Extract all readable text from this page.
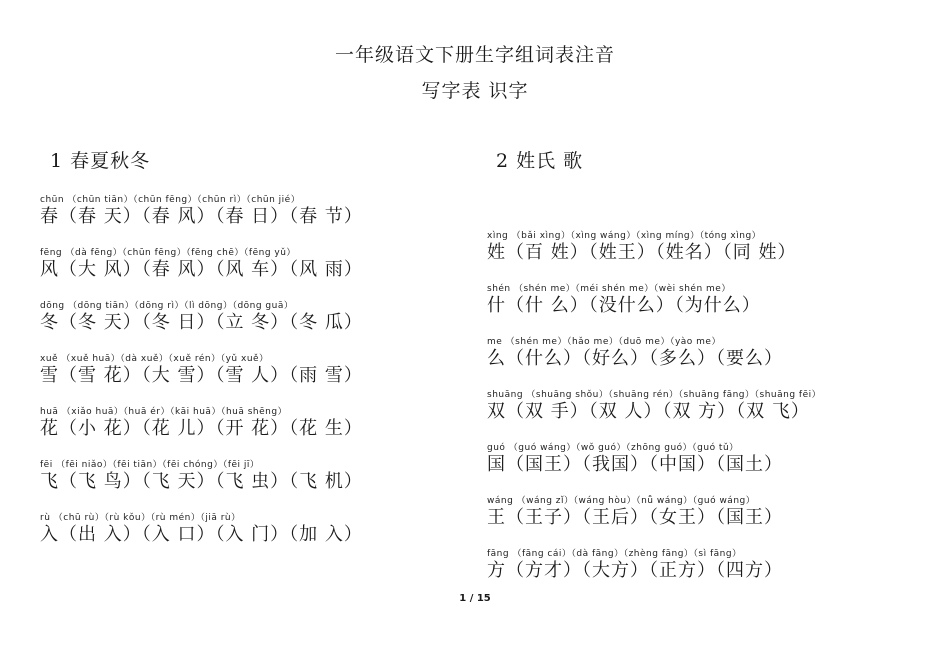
一年级语文下册生字组词表注音
写字表 识字
1 春夏秋冬
chūn （chūn tiān）（chūn fēng）（chūn rì）（chūn jié）
春（春 天）（春 风）（春 日）（春 节）
fēng （dà fēng）（chūn fēng）（fēng chē）（fēng yǔ）
风（大 风）（春 风）（风 车）（风 雨）
dōng （dōng tiān）（dōng rì）（lì dōng）（dōng guā）
冬（冬 天）（冬 日）（立 冬）（冬 瓜）
xuě （xuě huā）（dà xuě）（xuě rén）（yǔ xuě）
雪（雪 花）（大 雪）（雪 人）（雨 雪）
huā （xiǎo huā）（huā ér）（kāi huā）（huā shēng）
花（小 花）（花 儿）（开 花）（花 生）
fēi （fēi niǎo）（fēi tiān）（fēi chóng）（fēi jī）
飞（飞 鸟）（飞 天）（飞 虫）（飞 机）
rù （chū rù）（rù kǒu）（rù mén）（jiā rù）
入（出 入）（入 口）（入 门）（加 入）
2 姓氏 歌
xìng （bǎi xìng）（xìng wáng）（xìng míng）（tóng xìng）
姓（百 姓）（姓王）（姓名）（同 姓）
shén （shén me）（méi shén me）（wèi shén me）
什（什 么）（没什么）（为什么）
me （shén me）（hǎo me）（duō me）（yào me）
么（什么）（好么）（多么）（要么）
shuāng （shuāng shǒu）（shuāng rén）（shuāng fāng）（shuāng fēi）
双（双 手）（双 人）（双 方）（双 飞）
guó （guó wáng）（wǒ guó）（zhōng guó）（guó tǔ）
国（国王）（我国）（中国）（国土）
wáng （wáng zǐ）（wáng hòu）（nǚ wáng）（guó wáng）
王（王子）（王后）（女王）（国王）
fāng （fāng cái）（dà fāng）（zhèng fāng）（sì fāng）
方（方才）（大方）（正方）（四方）
1 / 15
